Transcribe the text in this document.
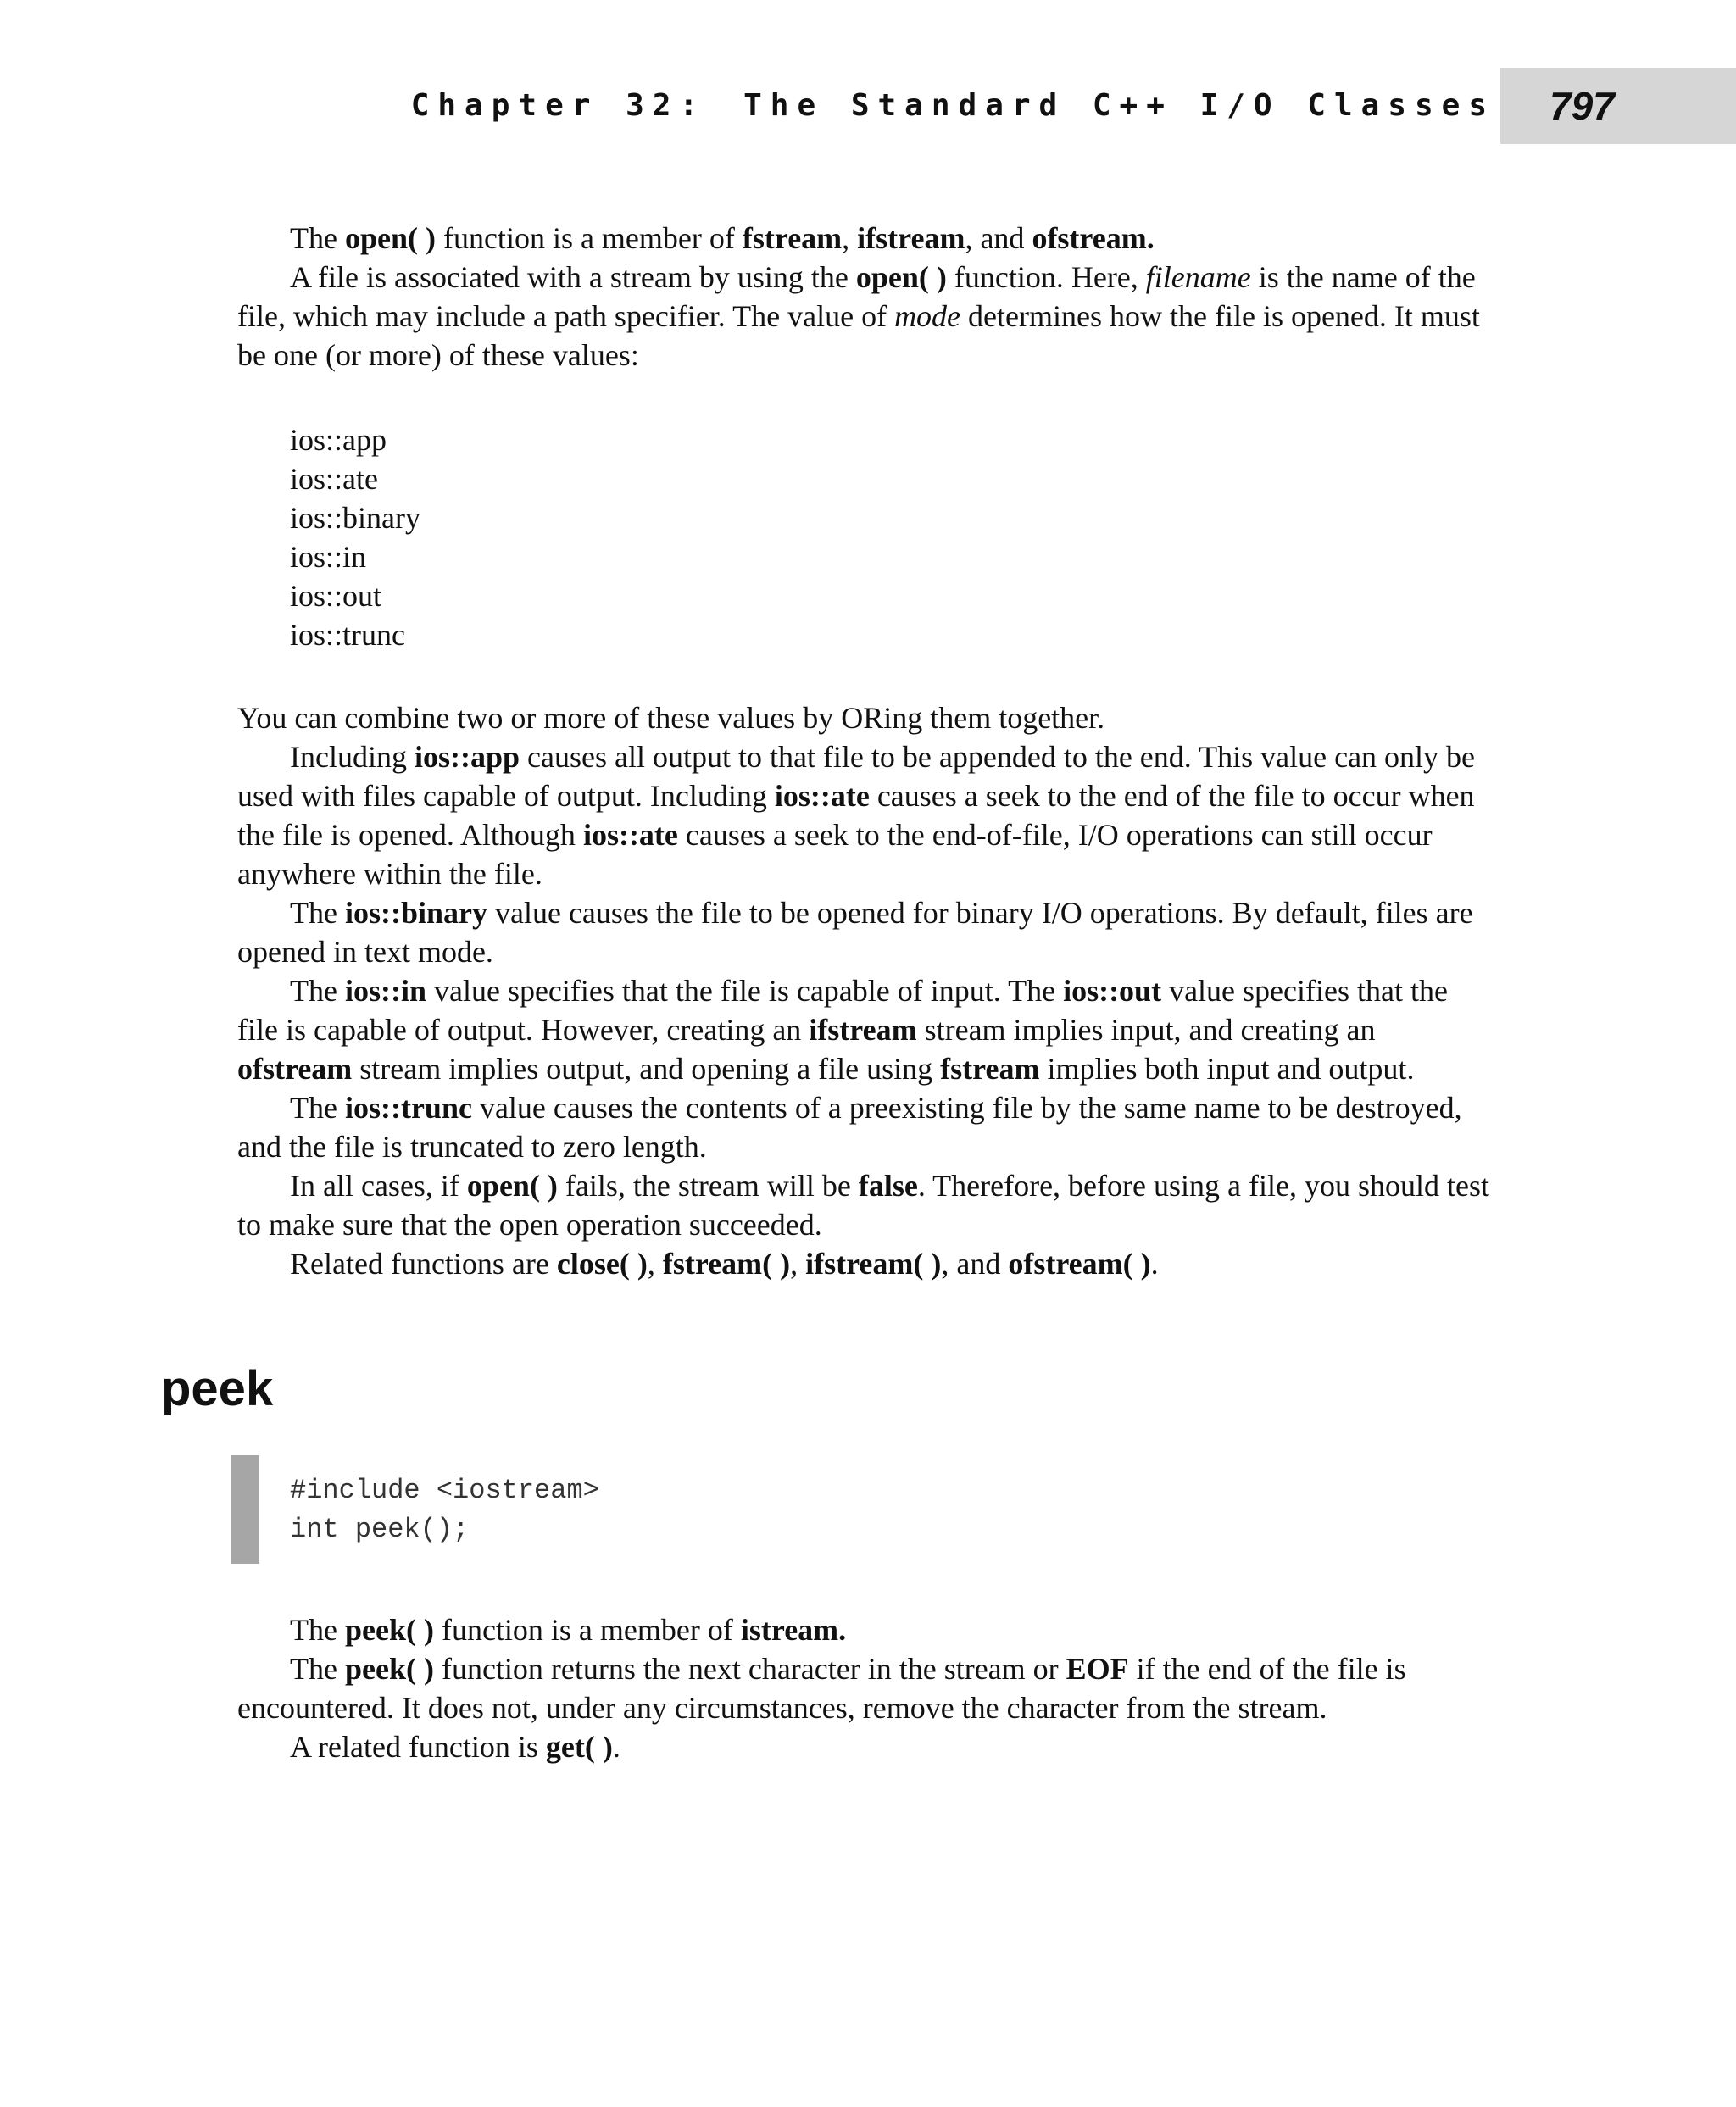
Chapter 32: The Standard C++ I/O Classes 797

The open( ) function is a member of fstream, ifstream, and ofstream.

A file is associated with a stream by using the open( ) function. Here, filename is the name of the file, which may include a path specifier. The value of mode determines how the file is opened. It must be one (or more) of these values:

ios::app
ios::ate
ios::binary
ios::in
ios::out
ios::trunc

You can combine two or more of these values by ORing them together.

Including ios::app causes all output to that file to be appended to the end. This value can only be used with files capable of output. Including ios::ate causes a seek to the end of the file to occur when the file is opened. Although ios::ate causes a seek to the end-of-file, I/O operations can still occur anywhere within the file.

The ios::binary value causes the file to be opened for binary I/O operations. By default, files are opened in text mode.

The ios::in value specifies that the file is capable of input. The ios::out value specifies that the file is capable of output. However, creating an ifstream stream implies input, and creating an ofstream stream implies output, and opening a file using fstream implies both input and output.

The ios::trunc value causes the contents of a preexisting file by the same name to be destroyed, and the file is truncated to zero length.

In all cases, if open( ) fails, the stream will be false. Therefore, before using a file, you should test to make sure that the open operation succeeded.

Related functions are close( ), fstream( ), ifstream( ), and ofstream( ).

peek
#include <iostream>
int peek();

The peek( ) function is a member of istream.

The peek( ) function returns the next character in the stream or EOF if the end of the file is encountered. It does not, under any circumstances, remove the character from the stream.

A related function is get( ).
